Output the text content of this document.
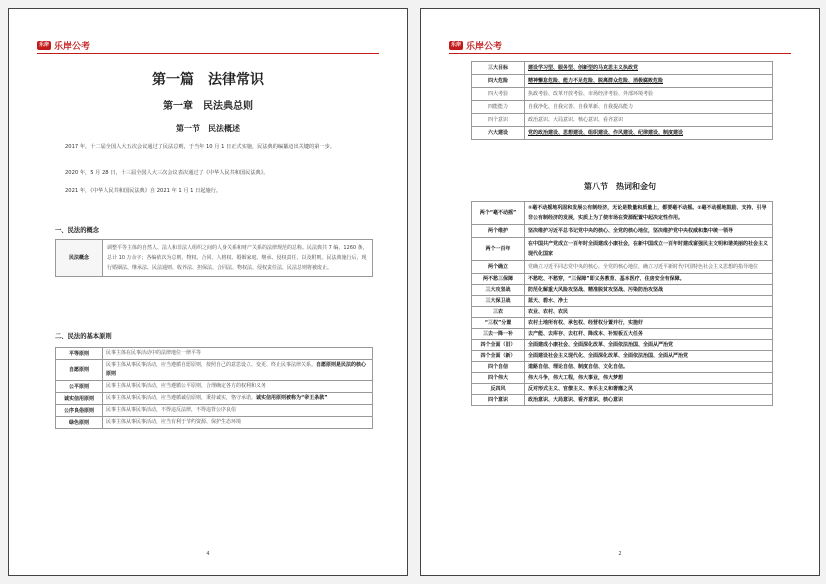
乐岸 乐岸公考
第一篇　法律常识
第一章　民法典总则
第一节　民法概述
2017 年，十二届全国人大五次会议通过了民法总则，于当年 10 月 1 日正式实施，民法典的编纂迈出关键的第一步。
2020 年，5 月 28 日，十三届全国人大三次会议表决通过了《中华人民共和国民法典》。
2021 年，《中华人民共和国民法典》自 2021 年 1 月 1 日起施行。
一、民法的概念
民法概念	调整平等主体的自然人、法人和非法人组织之间的人身关系和财产关系的法律规范的总称。民法典共 7 编，1260 条，总计 10 万余字；各编依次为总则、物权、合同、人格权、婚姻家庭、继承、侵权责任，以及附则。民法典施行后，现行婚姻法、继承法、民法通则、收养法、担保法、合同法、物权法、侵权责任法、民法总则将被废止。
二、民法的基本原则
平等原则	民事主体在民事活动中的法律地位一律平等
自愿原则	民事主体从事民事活动，应当遵循自愿原则，按照自己的意思设立、变更、终止民事法律关系。自愿原则是民法的核心原则
公平原则	民事主体从事民事活动，应当遵循公平原则，合理确定各方的权利和义务
诚实信用原则	民事主体从事民事活动，应当遵循诚信原则，秉持诚实，恪守承诺。诚实信用原则被称为“帝王条款”
公序良俗原则	民事主体从事民事活动，不得违反法律，不得违背公序良俗
绿色原则	民事主体从事民事活动，应当有利于节约资源、保护生态环境
4
乐岸 乐岸公考
三大目标	建设学习型、服务型、创新型的马克思主义执政党
四大危险	精神懈怠危险、能力不足危险、脱离群众危险、消极腐败危险
四大考验	执政考验、改革开放考验、市场经济考验、外部环境考验
四能能力	自我净化、自我完善、自我革新、自我提高能力
四个意识	政治意识、大局意识、核心意识、看齐意识
六大建设	党的政治建设、思想建设、组织建设、作风建设、纪律建设、制度建设
第八节　热词和金句
两个“毫不动摇”	①毫不动摇地巩固和发展公有制经济，无论是数量和质量上，都要毫不动摇。②毫不动摇地鼓励、支持、引导非公有制经济的发展，实质上为了使市场在资源配置中起决定性作用。
两个维护	坚决维护习近平总书记党中央的核心、全党的核心地位，坚决维护党中央权威和集中统一领导
两个一百年	在中国共产党成立一百年时全面建成小康社会，在新中国成立一百年时建成富强民主文明和谐美丽的社会主义现代化国家
两个确立	党确立习近平同志党中央的核心、全党的核心地位，确立习近平新时代中国特色社会主义思想的指导地位
两不愁三保障	不愁吃、不愁穿，“三保障”即义务教育、基本医疗、住房安全有保障。
三大攻坚战	防范化解重大风险攻坚战、精准脱贫攻坚战、污染防治攻坚战
三大保卫战	蓝天、碧水、净土
三农	农业、农村、农民
“三权”分置	农村土地所有权、承包权、经营权分置并行，实施好
三去一降一补	去产能、去库存、去杠杆、降成本、补短板五大任务
四个全面（旧）	全面建成小康社会、全面深化改革、全面依法治国、全面从严治党
四个全面（新）	全面建设社会主义现代化、全面深化改革、全面依法治国、全面从严治党
四个自信	道路自信、理论自信、制度自信、文化自信。
四个伟大	伟大斗争，伟大工程，伟大事业，伟大梦想
反四风	反对形式主义、官僚主义、享乐主义和奢靡之风
四个意识	政治意识、大局意识、看齐意识、核心意识
2
